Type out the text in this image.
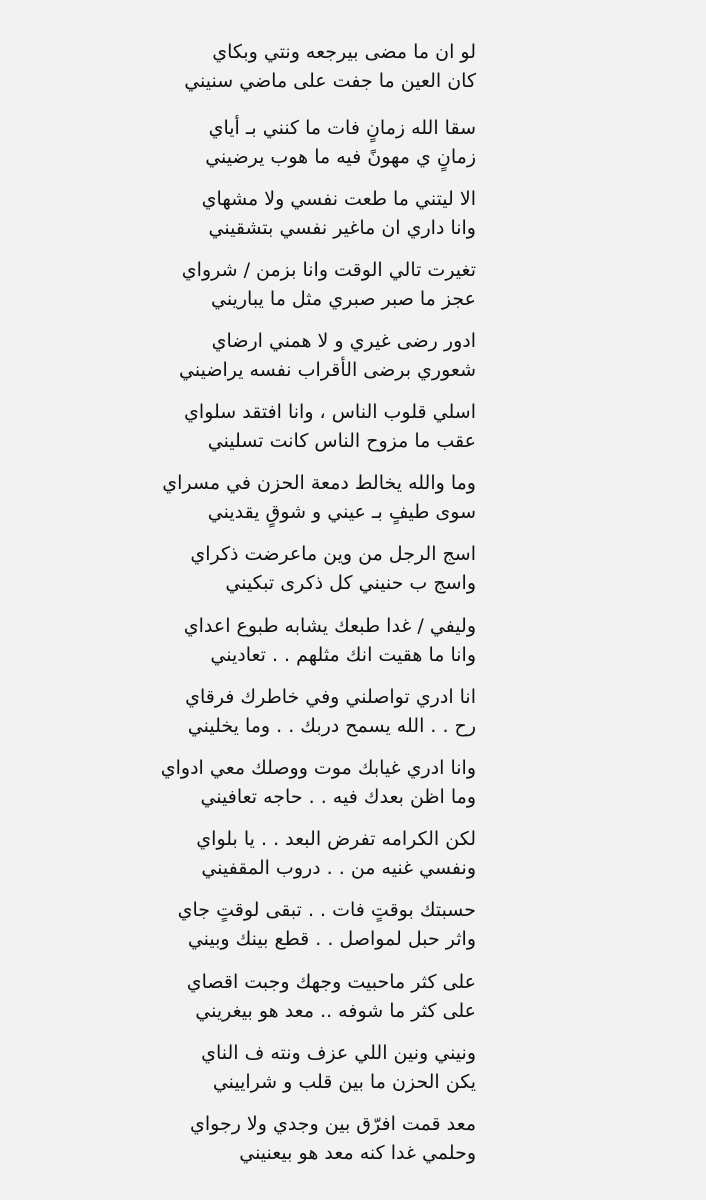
لو ان ما مضى بيرجعه ونتي وبكاي
كان العين ما جفت على ماضي سنيني
سقا الله زمانٍ فات ما كنني بـ أياي
زمانٍ ي مهونً فيه ما هوب يرضيني
الا ليتني ما طعت نفسي ولا مشهاي
وانا داري ان ماغير نفسي بتشقيني
تغيرت تالي الوقت وانا بزمن / شرواي
عجز ما صبر صبري مثل ما يباريني
ادور رضى غيري و لا همني ارضاي
شعوري برضى الأقراب نفسه يراضيني
اسلي قلوب الناس ، وانا افتقد سلواي
عقب ما مزوح الناس كانت تسليني
وما والله يخالط دمعة الحزن في مسراي
سوى طيفٍ بـ عيني و شوقٍ يقديني
اسج الرجل من وين ماعرضت ذكراي
واسج ب حنيني كل ذكرى تبكيني
وليفي / غدا طبعك يشابه طبوع اعداي
وانا ما هقيت انك مثلهم . . تعاديني
انا ادري تواصلني وفي خاطرك فرقاي
رح . . الله يسمح دربك . . وما يخليني
وانا ادري غيابك موت ووصلك معي ادواي
وما اظن بعدك فيه . . حاجه تعافيني
لكن الكرامه تفرض البعد . . يا بلواي
ونفسي غنيه من . . دروب المقفيني
حسبتك بوقتٍ فات . . تبقى لوقتٍ جاي
واثر حبل لمواصل . . قطع بينك وبيني
على كثر ماحبيت وجهك وجبت اقصاي
على كثر ما شوفه .. معد هو بيغريني
ونيني ونين اللي عزف ونته ف الناي
يكن الحزن ما بين قلب و شراييني
معد قمت افرّق بين وجدي ولا رجواي
وحلمي غدا كنه معد هو بيعنيني
